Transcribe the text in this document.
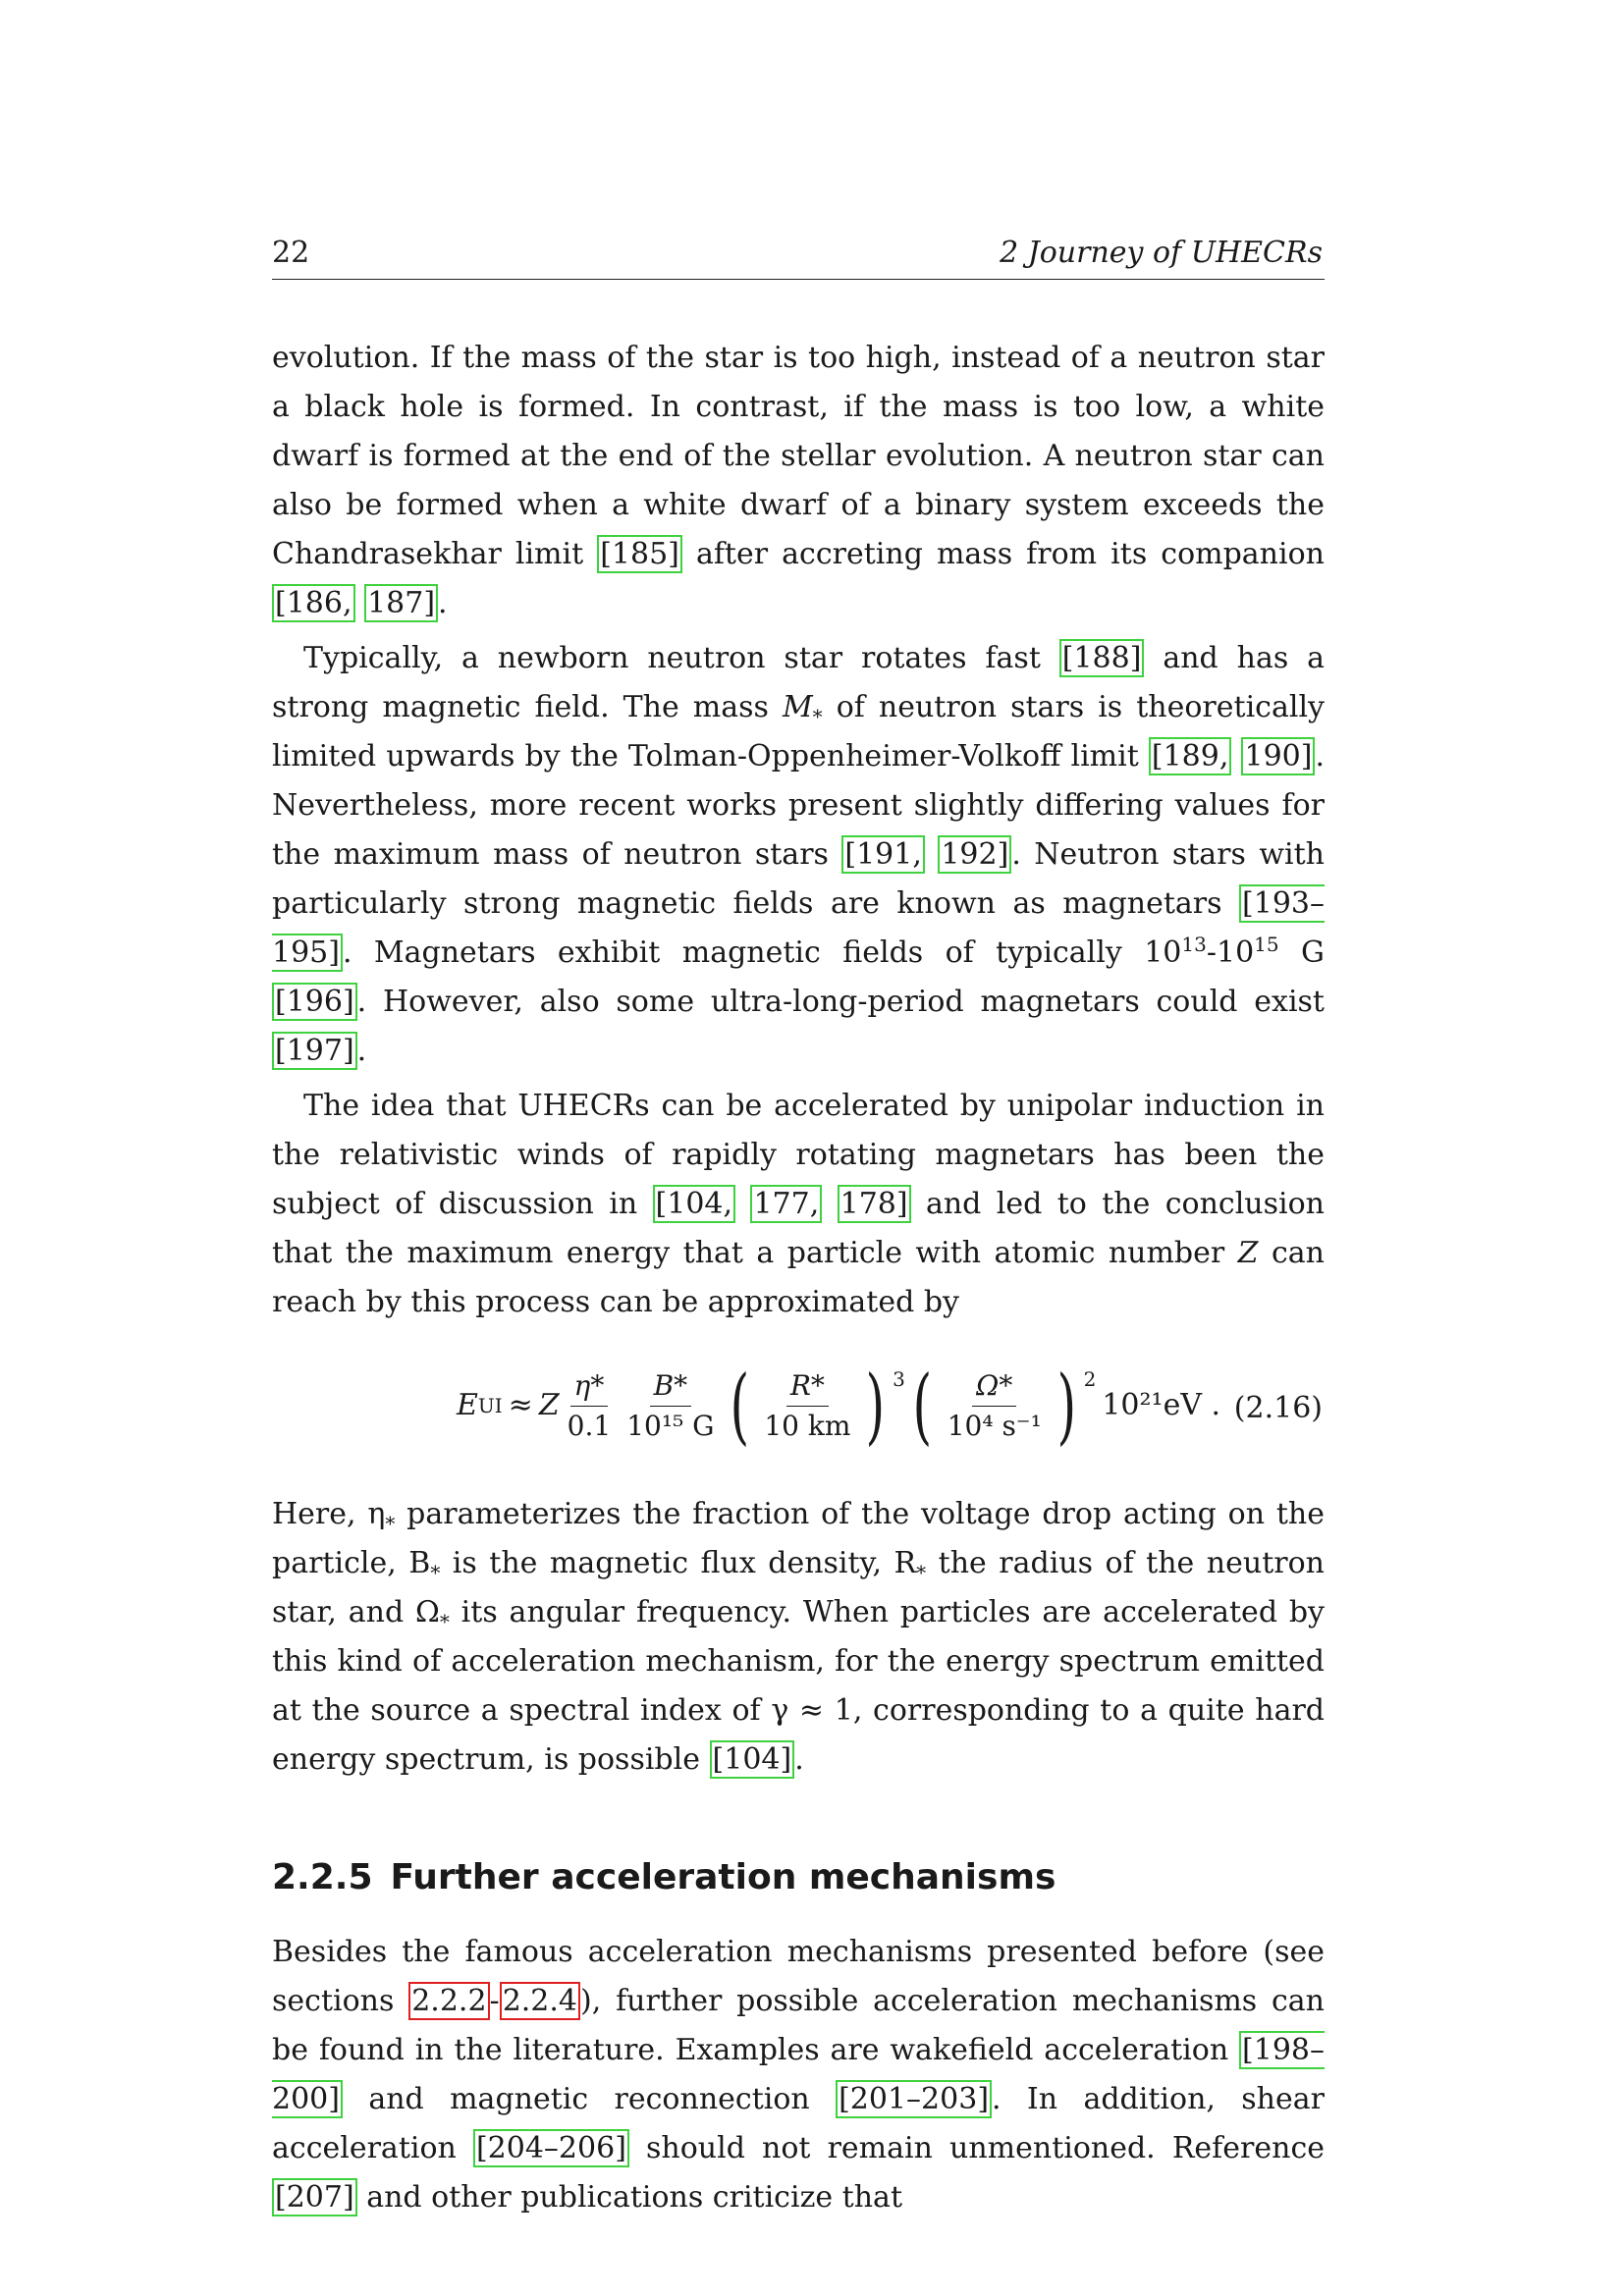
22	2 Journey of UHECRs

evolution. If the mass of the star is too high, instead of a neutron star a black hole is formed. In contrast, if the mass is too low, a white dwarf is formed at the end of the stellar evolution. A neutron star can also be formed when a white dwarf of a binary system exceeds the Chandrasekhar limit [185] after accreting mass from its companion [186, 187] .

Typically, a newborn neutron star rotates fast [188] and has a strong magnetic field. The mass $M_*$ of neutron stars is theoretically limited upwards by the Tolman-Oppenheimer-Volkoff limit [189, 190] . Nevertheless, more recent works present slightly differing values for the maximum mass of neutron stars [191, 192] . Neutron stars with particularly strong magnetic fields are known as magnetars [193–195] . Magnetars exhibit magnetic fields of typically $10^{13}-10^{15}$ G [196] . However, also some ultra-long-period magnetars could exist [197] .

The idea that UHECRs can be accelerated by unipolar induction in the relativistic winds of rapidly rotating magnetars has been the subject of discussion in [104, 177, 178] and led to the conclusion that the maximum energy that a particle with atomic number Z can reach by this process can be approximated by

E UI ≈ Z $\frac{\eta*}{0.1} \frac{B*}{\text{10¹⁵ G}}$ ( $\frac{R*}{10 km}$ ) 3 ( $\frac{\Omega*}{\text{10⁴ s⁻¹}}$ ) 2
10²¹eV . (2.16)

Here, $\eta_*$ parameterizes the fraction of the voltage drop acting on the particle, $B_*$ is the magnetic flux density, $R_*$ the radius of the neutron star, and $\Omega_*$ its angular frequency. When particles are accelerated by this kind of acceleration mechanism, for the energy spectrum emitted at the source a spectral index of γ ≈ 1, corresponding to a quite hard energy spectrum, is possible [104] .

2.2.5 Further acceleration mechanisms

Besides the famous acceleration mechanisms presented before (see sections 2.2.2 - 2.2.4 ), further possible acceleration mechanisms can be found in the literature. Examples are wakefield acceleration [198–200] and magnetic reconnection [201–203] . In addition, shear acceleration [204–206] should not remain unmentioned. Reference [207] and other publications criticize that
